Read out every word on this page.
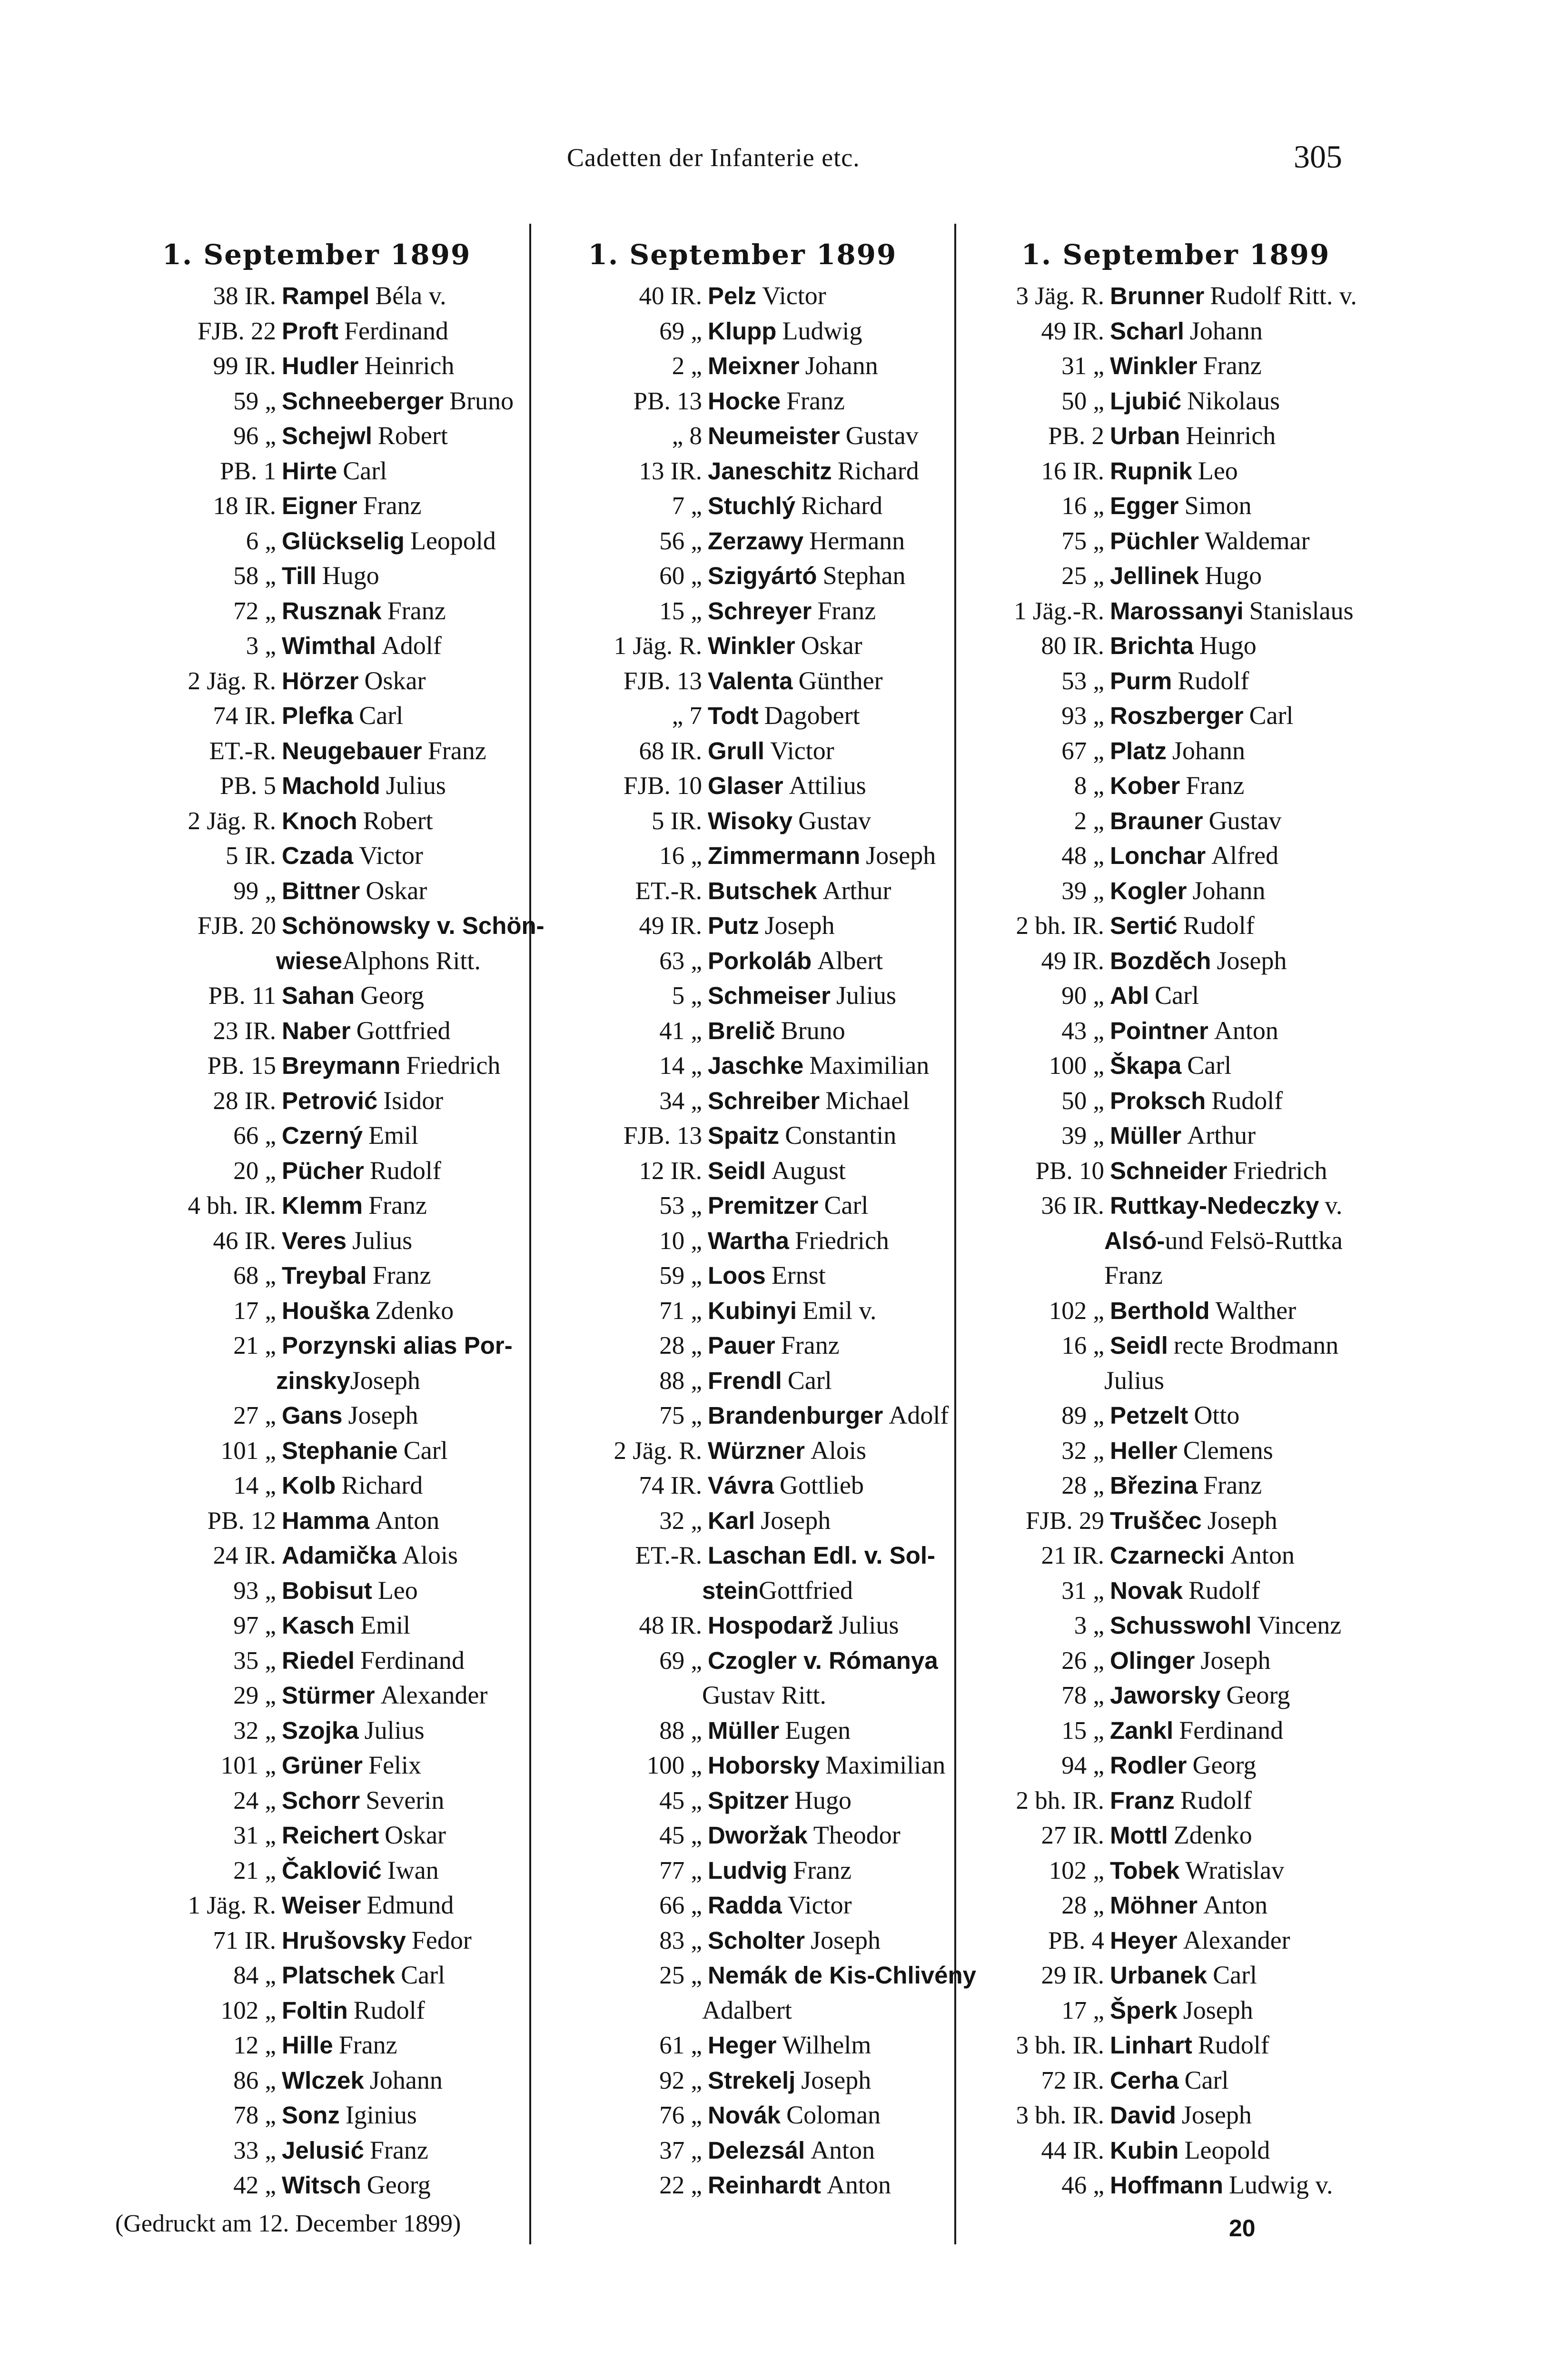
Cadetten der Infanterie etc.	305
1. September 1899
38 IR. Rampel Béla v.
FJB. 22 Proft Ferdinand
99 IR. Hudler Heinrich
59 „ Schneeberger Bruno
96 „ Schejwl Robert
PB. 1 Hirte Carl
18 IR. Eigner Franz
6 „ Glückselig Leopold
58 „ Till Hugo
72 „ Rusznak Franz
3 „ Wimthal Adolf
2 Jäg. R. Hörzer Oskar
74 IR. Plefka Carl
ET.-R. Neugebauer Franz
PB. 5 Machold Julius
2 Jäg. R. Knoch Robert
5 IR. Czada Victor
99 „ Bittner Oskar
FJB. 20 Schönowsky v. Schön-
wieseAlphons Ritt.
PB. 11 Sahan Georg
23 IR. Naber Gottfried
PB. 15 Breymann Friedrich
28 IR. Petrović Isidor
66 „ Czerný Emil
20 „ Pücher Rudolf
4 bh. IR. Klemm Franz
46 IR. Veres Julius
68 „ Treybal Franz
17 „ Houška Zdenko
21 „ Porzynski alias Por-
zinskyJoseph
27 „ Gans Joseph
101 „ Stephanie Carl
14 „ Kolb Richard
PB. 12 Hamma Anton
24 IR. Adamička Alois
93 „ Bobisut Leo
97 „ Kasch Emil
35 „ Riedel Ferdinand
29 „ Stürmer Alexander
32 „ Szojka Julius
101 „ Grüner Felix
24 „ Schorr Severin
31 „ Reichert Oskar
21 „ Čaklović Iwan
1 Jäg. R. Weiser Edmund
71 IR. Hrušovsky Fedor
84 „ Platschek Carl
102 „ Foltin Rudolf
12 „ Hille Franz
86 „ Wlczek Johann
78 „ Sonz Iginius
33 „ Jelusić Franz
42 „ Witsch Georg
1. September 1899
40 IR. Pelz Victor
69 „ Klupp Ludwig
2 „ Meixner Johann
PB. 13 Hocke Franz
„ 8 Neumeister Gustav
13 IR. Janeschitz Richard
7 „ Stuchlý Richard
56 „ Zerzawy Hermann
60 „ Szigyártó Stephan
15 „ Schreyer Franz
1 Jäg. R. Winkler Oskar
FJB. 13 Valenta Günther
„ 7 Todt Dagobert
68 IR. Grull Victor
FJB. 10 Glaser Attilius
5 IR. Wisoky Gustav
16 „ Zimmermann Joseph
ET.-R. Butschek Arthur
49 IR. Putz Joseph
63 „ Porkoláb Albert
5 „ Schmeiser Julius
41 „ Brelič Bruno
14 „ Jaschke Maximilian
34 „ Schreiber Michael
FJB. 13 Spaitz Constantin
12 IR. Seidl August
53 „ Premitzer Carl
10 „ Wartha Friedrich
59 „ Loos Ernst
71 „ Kubinyi Emil v.
28 „ Pauer Franz
88 „ Frendl Carl
75 „ Brandenburger Adolf
2 Jäg. R. Würzner Alois
74 IR. Vávra Gottlieb
32 „ Karl Joseph
ET.-R. Laschan Edl. v. Sol-
steinGottfried
48 IR. Hospodarž Julius
69 „ Czogler v. Rómanya
Gustav Ritt.
88 „ Müller Eugen
100 „ Hoborsky Maximilian
45 „ Spitzer Hugo
45 „ Dworžak Theodor
77 „ Ludvig Franz
66 „ Radda Victor
83 „ Scholter Joseph
25 „ Nemák de Kis-Chlivény
Adalbert
61 „ Heger Wilhelm
92 „ Strekelj Joseph
76 „ Novák Coloman
37 „ Delezsál Anton
22 „ Reinhardt Anton
1. September 1899
3 Jäg. R. Brunner Rudolf Ritt. v.
49 IR. Scharl Johann
31 „ Winkler Franz
50 „ Ljubić Nikolaus
PB. 2 Urban Heinrich
16 IR. Rupnik Leo
16 „ Egger Simon
75 „ Püchler Waldemar
25 „ Jellinek Hugo
1 Jäg.-R. Marossanyi Stanislaus
80 IR. Brichta Hugo
53 „ Purm Rudolf
93 „ Roszberger Carl
67 „ Platz Johann
8 „ Kober Franz
2 „ Brauner Gustav
48 „ Lonchar Alfred
39 „ Kogler Johann
2 bh. IR. Sertić Rudolf
49 IR. Bozděch Joseph
90 „ Abl Carl
43 „ Pointner Anton
100 „ Škapa Carl
50 „ Proksch Rudolf
39 „ Müller Arthur
PB. 10 Schneider Friedrich
36 IR. Ruttkay-Nedeczky v.
Alsó-und Felsö-Ruttka
Franz
102 „ Berthold Walther
16 „ Seidl recte Brodmann
Julius
89 „ Petzelt Otto
32 „ Heller Clemens
28 „ Březina Franz
FJB. 29 Truščec Joseph
21 IR. Czarnecki Anton
31 „ Novak Rudolf
3 „ Schusswohl Vincenz
26 „ Olinger Joseph
78 „ Jaworsky Georg
15 „ Zankl Ferdinand
94 „ Rodler Georg
2 bh. IR. Franz Rudolf
27 IR. Mottl Zdenko
102 „ Tobek Wratislav
28 „ Möhner Anton
PB. 4 Heyer Alexander
29 IR. Urbanek Carl
17 „ Šperk Joseph
3 bh. IR. Linhart Rudolf
72 IR. Cerha Carl
3 bh. IR. David Joseph
44 IR. Kubin Leopold
46 „ Hoffmann Ludwig v.
(Gedruckt am 12. December 1899)	20
